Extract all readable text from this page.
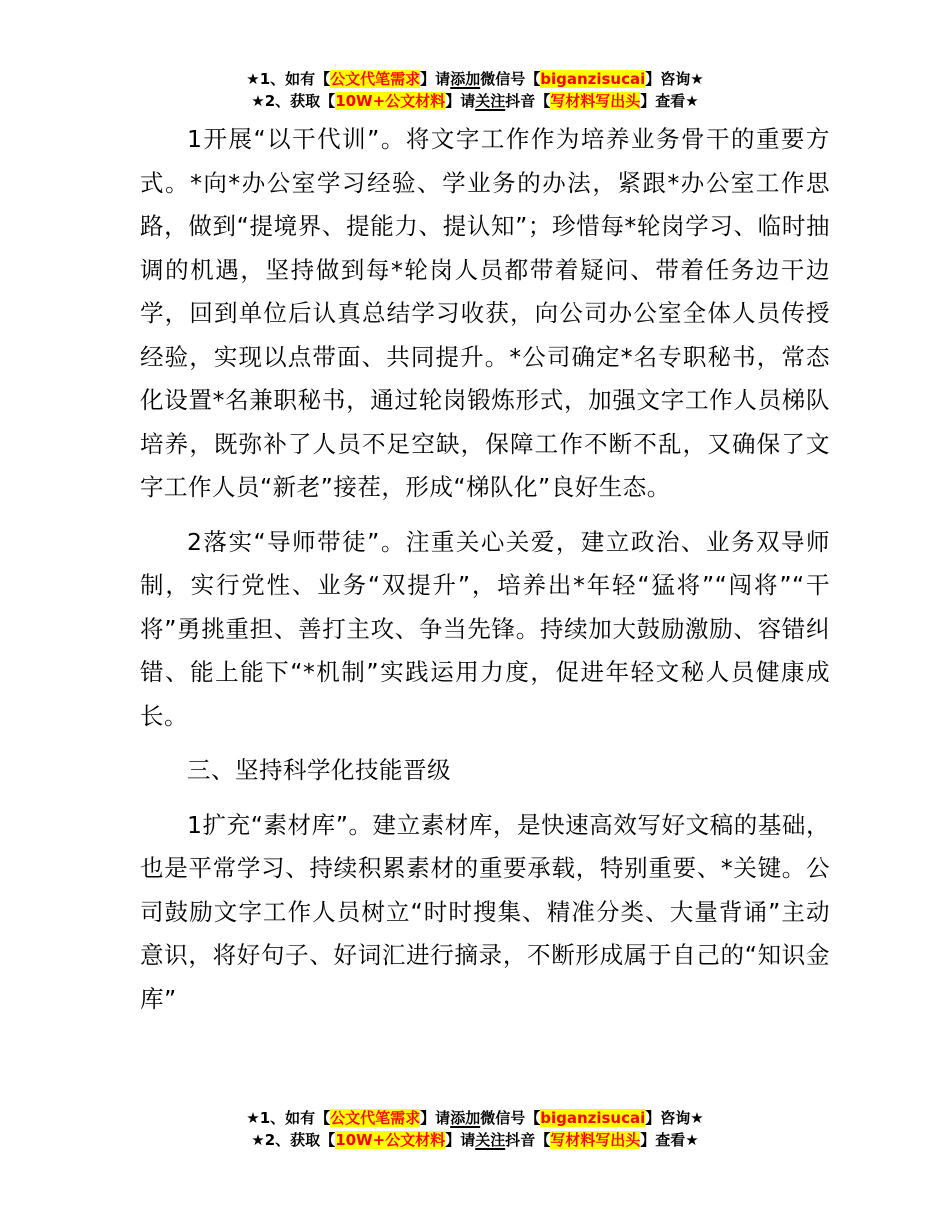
★1、如有【公文代笔需求】请添加微信号【biganzisucai】咨询★
★2、获取【10W+公文材料】请关注抖音【写材料写出头】查看★

1开展“以干代训”。将文字工作作为培养业务骨干的重要方式。*向*办公室学习经验、学业务的办法，紧跟*办公室工作思路，做到“提境界、提能力、提认知”；珍惜每*轮岗学习、临时抽调的机遇，坚持做到每*轮岗人员都带着疑问、带着任务边干边学，回到单位后认真总结学习收获，向公司办公室全体人员传授经验，实现以点带面、共同提升。*公司确定*名专职秘书，常态化设置*名兼职秘书，通过轮岗锻炼形式，加强文字工作人员梯队培养，既弥补了人员不足空缺，保障工作不断不乱，又确保了文字工作人员“新老”接茬，形成“梯队化”良好生态。

2落实“导师带徒”。注重关心关爱，建立政治、业务双导师制，实行党性、业务“双提升”，培养出*年轻“猛将”“闯将”“干将”勇挑重担、善打主攻、争当先锋。持续加大鼓励激励、容错纠错、能上能下“*机制”实践运用力度，促进年轻文秘人员健康成长。

三、坚持科学化技能晋级

1扩充“素材库”。建立素材库，是快速高效写好文稿的基础，也是平常学习、持续积累素材的重要承载，特别重要、*关键。公司鼓励文字工作人员树立“时时搜集、精准分类、大量背诵”主动意识，将好句子、好词汇进行摘录，不断形成属于自己的“知识金库”

★1、如有【公文代笔需求】请添加微信号【biganzisucai】咨询★
★2、获取【10W+公文材料】请关注抖音【写材料写出头】查看★
